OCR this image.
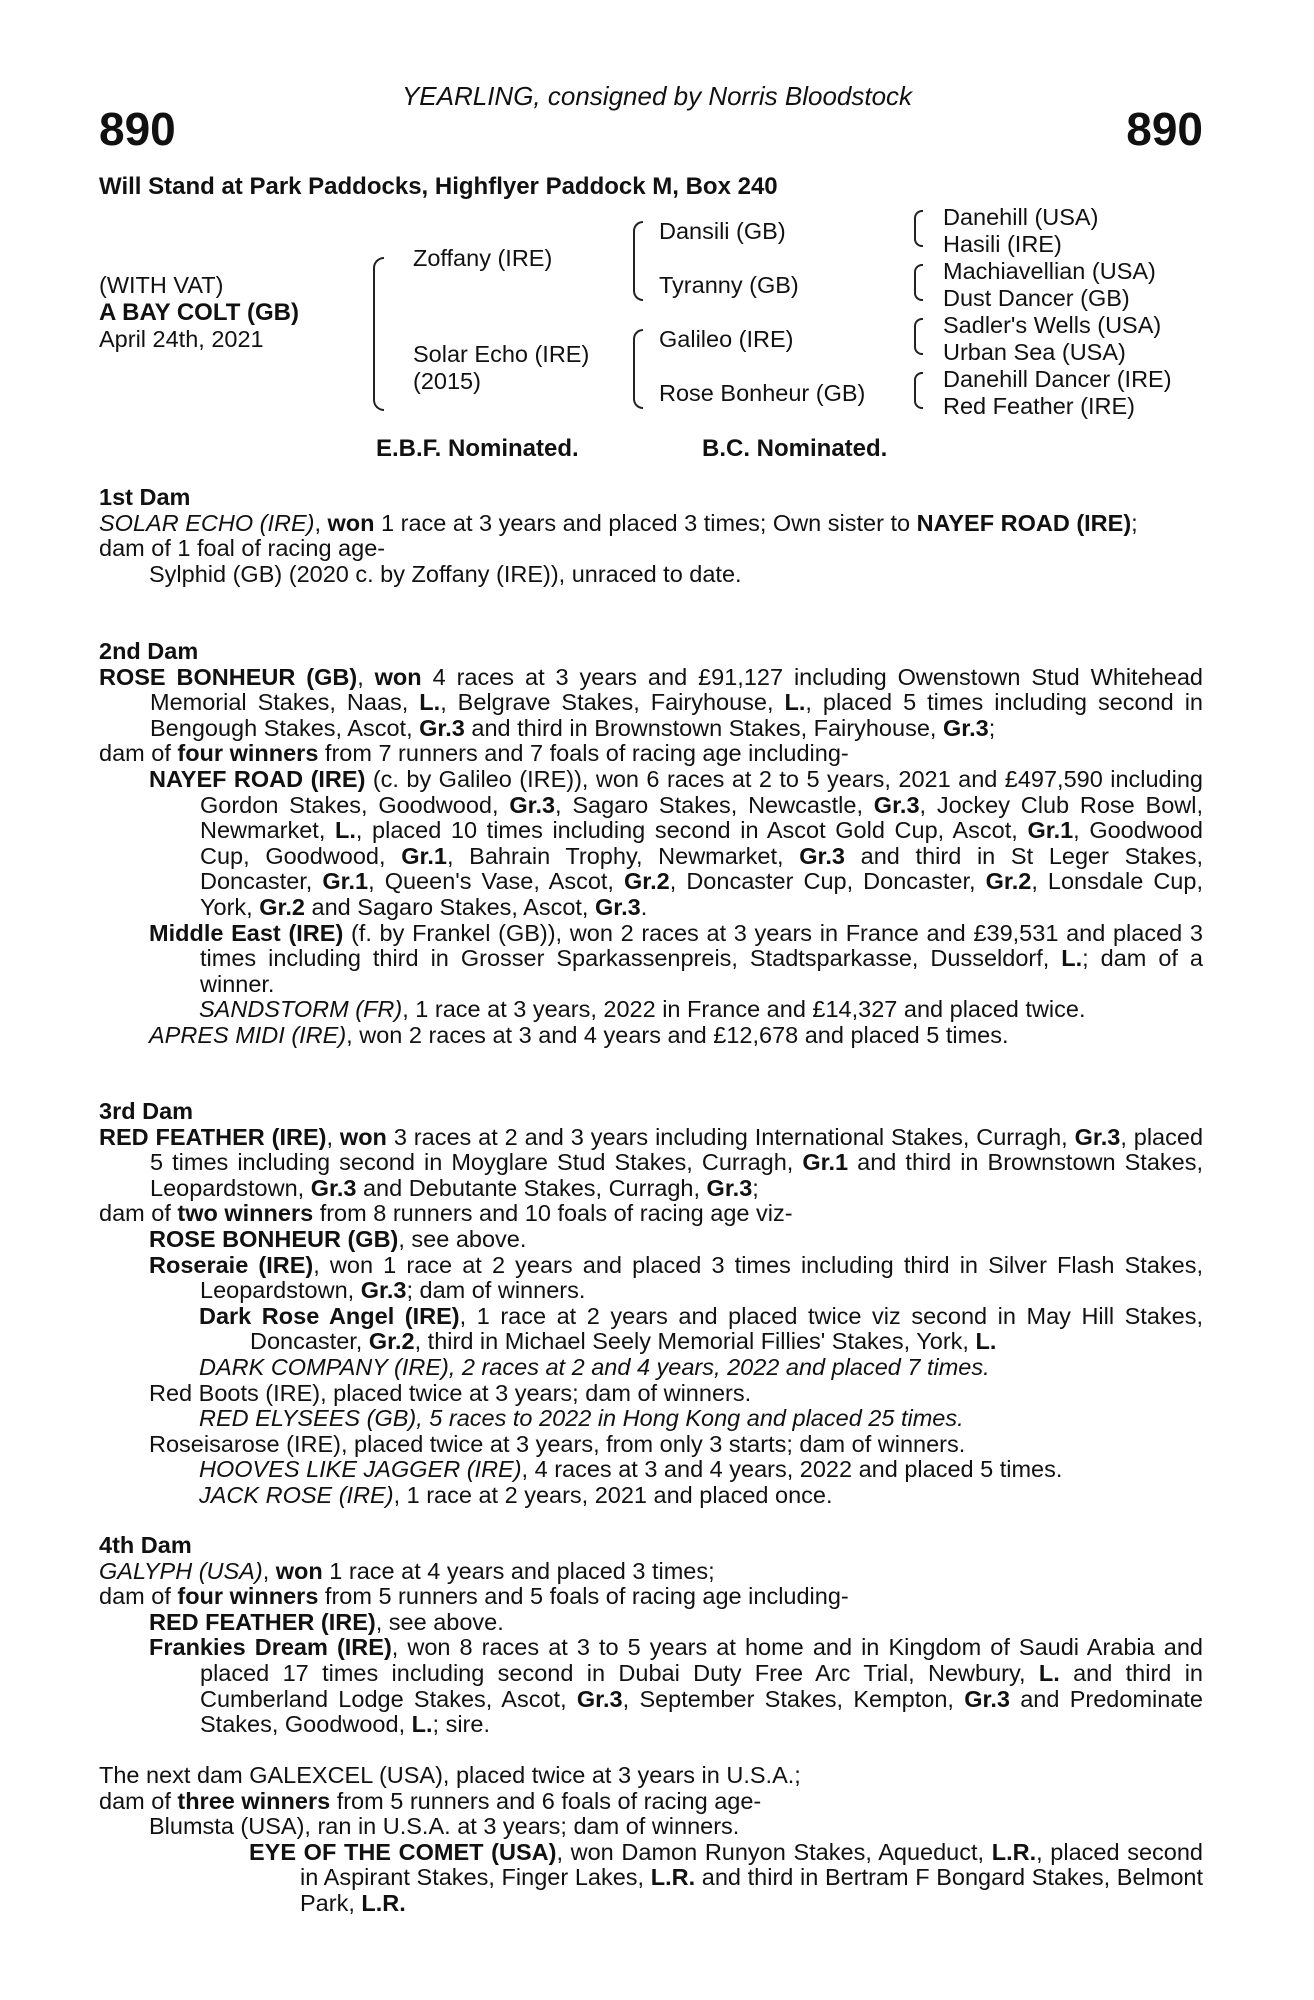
YEARLING, consigned by Norris Bloodstock
890	890
Will Stand at Park Paddocks, Highflyer Paddock M, Box 240
(WITH VAT)
A BAY COLT (GB)
April 24th, 2021
Zoffany (IRE)
Solar Echo (IRE)
(2015)
Dansili (GB)
Tyranny (GB)
Galileo (IRE)
Rose Bonheur (GB)
Danehill (USA)
Hasili (IRE)
Machiavellian (USA)
Dust Dancer (GB)
Sadler's Wells (USA)
Urban Sea (USA)
Danehill Dancer (IRE)
Red Feather (IRE)
E.B.F. Nominated.	B.C. Nominated.

1st Dam

SOLAR ECHO (IRE), won 1 race at 3 years and placed 3 times; Own sister to NAYEF ROAD (IRE);

dam of 1 foal of racing age-

Sylphid (GB) (2020 c. by Zoffany (IRE)), unraced to date.

2nd Dam

ROSE BONHEUR (GB), won 4 races at 3 years and £91,127 including Owenstown Stud Whitehead Memorial Stakes, Naas, L., Belgrave Stakes, Fairyhouse, L., placed 5 times including second in Bengough Stakes, Ascot, Gr.3 and third in Brownstown Stakes, Fairyhouse, Gr.3;

dam of four winners from 7 runners and 7 foals of racing age including-

NAYEF ROAD (IRE) (c. by Galileo (IRE)), won 6 races at 2 to 5 years, 2021 and £497,590 including Gordon Stakes, Goodwood, Gr.3, Sagaro Stakes, Newcastle, Gr.3, Jockey Club Rose Bowl, Newmarket, L., placed 10 times including second in Ascot Gold Cup, Ascot, Gr.1, Goodwood Cup, Goodwood, Gr.1, Bahrain Trophy, Newmarket, Gr.3 and third in St Leger Stakes, Doncaster, Gr.1, Queen's Vase, Ascot, Gr.2, Doncaster Cup, Doncaster, Gr.2, Lonsdale Cup, York, Gr.2 and Sagaro Stakes, Ascot, Gr.3.

Middle East (IRE) (f. by Frankel (GB)), won 2 races at 3 years in France and £39,531 and placed 3 times including third in Grosser Sparkassenpreis, Stadtsparkasse, Dusseldorf, L.; dam of a winner.

SANDSTORM (FR), 1 race at 3 years, 2022 in France and £14,327 and placed twice.

APRES MIDI (IRE), won 2 races at 3 and 4 years and £12,678 and placed 5 times.

3rd Dam

RED FEATHER (IRE), won 3 races at 2 and 3 years including International Stakes, Curragh, Gr.3, placed 5 times including second in Moyglare Stud Stakes, Curragh, Gr.1 and third in Brownstown Stakes, Leopardstown, Gr.3 and Debutante Stakes, Curragh, Gr.3;

dam of two winners from 8 runners and 10 foals of racing age viz-

ROSE BONHEUR (GB), see above.

Roseraie (IRE), won 1 race at 2 years and placed 3 times including third in Silver Flash Stakes, Leopardstown, Gr.3; dam of winners.

Dark Rose Angel (IRE), 1 race at 2 years and placed twice viz second in May Hill Stakes, Doncaster, Gr.2, third in Michael Seely Memorial Fillies' Stakes, York, L.

DARK COMPANY (IRE), 2 races at 2 and 4 years, 2022 and placed 7 times.

Red Boots (IRE), placed twice at 3 years; dam of winners.

RED ELYSEES (GB), 5 races to 2022 in Hong Kong and placed 25 times.

Roseisarose (IRE), placed twice at 3 years, from only 3 starts; dam of winners.

HOOVES LIKE JAGGER (IRE), 4 races at 3 and 4 years, 2022 and placed 5 times.

JACK ROSE (IRE), 1 race at 2 years, 2021 and placed once.

4th Dam

GALYPH (USA), won 1 race at 4 years and placed 3 times;

dam of four winners from 5 runners and 5 foals of racing age including-

RED FEATHER (IRE), see above.

Frankies Dream (IRE), won 8 races at 3 to 5 years at home and in Kingdom of Saudi Arabia and placed 17 times including second in Dubai Duty Free Arc Trial, Newbury, L. and third in Cumberland Lodge Stakes, Ascot, Gr.3, September Stakes, Kempton, Gr.3 and Predominate Stakes, Goodwood, L.; sire.

The next dam GALEXCEL (USA), placed twice at 3 years in U.S.A.;

dam of three winners from 5 runners and 6 foals of racing age-

Blumsta (USA), ran in U.S.A. at 3 years; dam of winners.

EYE OF THE COMET (USA), won Damon Runyon Stakes, Aqueduct, L.R., placed second in Aspirant Stakes, Finger Lakes, L.R. and third in Bertram F Bongard Stakes, Belmont Park, L.R.
